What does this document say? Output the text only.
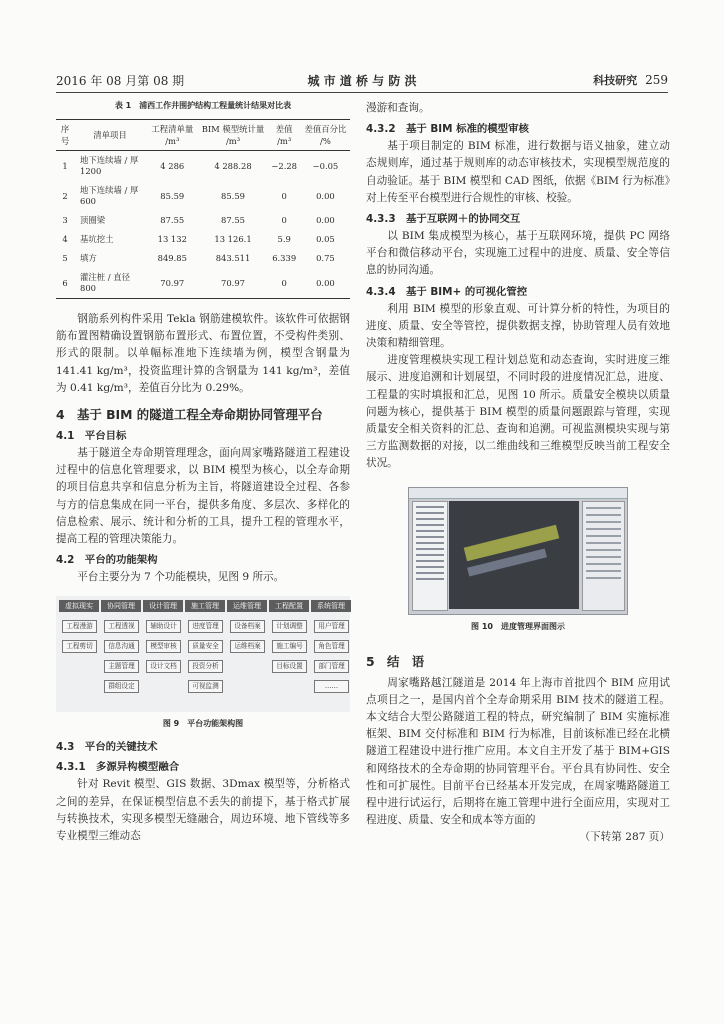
2016 年 08 月第 08 期	城 市 道 桥 与 防 洪	科技研究 259
表 1　浦西工作井围护结构工程量统计结果对比表
序号	清单项目	工程清单量 /m³	BIM 模型统计量 /m³	差值 /m³	差值百分比 /%
1	地下连续墙 / 厚 1200	4 286	4 288.28	−2.28	−0.05
2	地下连续墙 / 厚 600	85.59	85.59	0	0.00
3	顶圈梁	87.55	87.55	0	0.00
4	基坑挖土	13 132	13 126.1	5.9	0.05
5	填方	849.85	843.511	6.339	0.75
6	灌注桩 / 直径 800	70.97	70.97	0	0.00

钢筋系列构件采用 Tekla 钢筋建模软件。该软件可依据钢筋布置图精确设置钢筋布置形式、布置位置，不受构件类别、形式的限制。以单幅标准地下连续墙为例，模型含钢量为 141.41 kg/m³，投资监理计算的含钢量为 141 kg/m³，差值为 0.41 kg/m³，差值百分比为 0.29%。

4　基于 BIM 的隧道工程全寿命期协同管理平台
4.1　平台目标

基于隧道全寿命期管理理念，面向周家嘴路隧道工程建设过程中的信息化管理要求，以 BIM 模型为核心，以全寿命期的项目信息共享和信息分析为主旨，将隧道建设全过程、各参与方的信息集成在同一平台，提供多角度、多层次、多样化的信息检索、展示、统计和分析的工具，提升工程的管理水平，提高工程的管理决策能力。

4.2　平台的功能架构

平台主要分为 7 个功能模块，见图 9 所示。

虚拟现实
工程漫游
工程剪切
协同管理
工程透视
信息沟通
主题管理
群组设定
设计管理
辅助设计
模型审核
设计文档
施工管理
进度管理
质量安全
投资分析
可视监测
运维管理
设备档案
运维档案
工程配置
计划调整
施工编号
目标设置
系统管理
用户管理
角色管理
部门管理
……
图 9　平台功能架构图
4.3　平台的关键技术
4.3.1　多源异构模型融合

针对 Revit 模型、GIS 数据、3Dmax 模型等，分析格式之间的差异，在保证模型信息不丢失的前提下，基于格式扩展与转换技术，实现多模型无缝融合，周边环境、地下管线等多专业模型三维动态

漫游和查询。

4.3.2　基于 BIM 标准的模型审核

基于项目制定的 BIM 标准，进行数据与语义抽象，建立动态规则库，通过基于规则库的动态审核技术，实现模型规范度的自动验证。基于 BIM 模型和 CAD 图纸，依据《BIM 行为标准》对上传至平台模型进行合规性的审核、校验。

4.3.3　基于互联网＋的协同交互

以 BIM 集成模型为核心，基于互联网环境，提供 PC 网络平台和微信移动平台，实现施工过程中的进度、质量、安全等信息的协同沟通。

4.3.4　基于 BIM+ 的可视化管控

利用 BIM 模型的形象直观、可计算分析的特性，为项目的进度、质量、安全等管控，提供数据支撑，协助管理人员有效地决策和精细管理。

进度管理模块实现工程计划总览和动态查询，实时进度三维展示、进度追溯和计划展望，不同时段的进度情况汇总，进度、工程量的实时填报和汇总，见图 10 所示。质量安全模块以质量问题为核心，提供基于 BIM 模型的质量问题跟踪与管理，实现质量安全相关资料的汇总、查询和追溯。可视监测模块实现与第三方监测数据的对接，以二维曲线和三维模型反映当前工程安全状况。

图 10　进度管理界面图示
5　结　语

周家嘴路越江隧道是 2014 年上海市首批四个 BIM 应用试点项目之一，是国内首个全寿命期采用 BIM 技术的隧道工程。本文结合大型公路隧道工程的特点，研究编制了 BIM 实施标准框架、BIM 交付标准和 BIM 行为标准，目前该标准已经在北横隧道工程建设中进行推广应用。本文自主开发了基于 BIM+GIS 和网络技术的全寿命期的协同管理平台。平台具有协同性、安全性和可扩展性。目前平台已经基本开发完成，在周家嘴路隧道工程中进行试运行，后期将在施工管理中进行全面应用，实现对工程进度、质量、安全和成本等方面的

（下转第 287 页）
